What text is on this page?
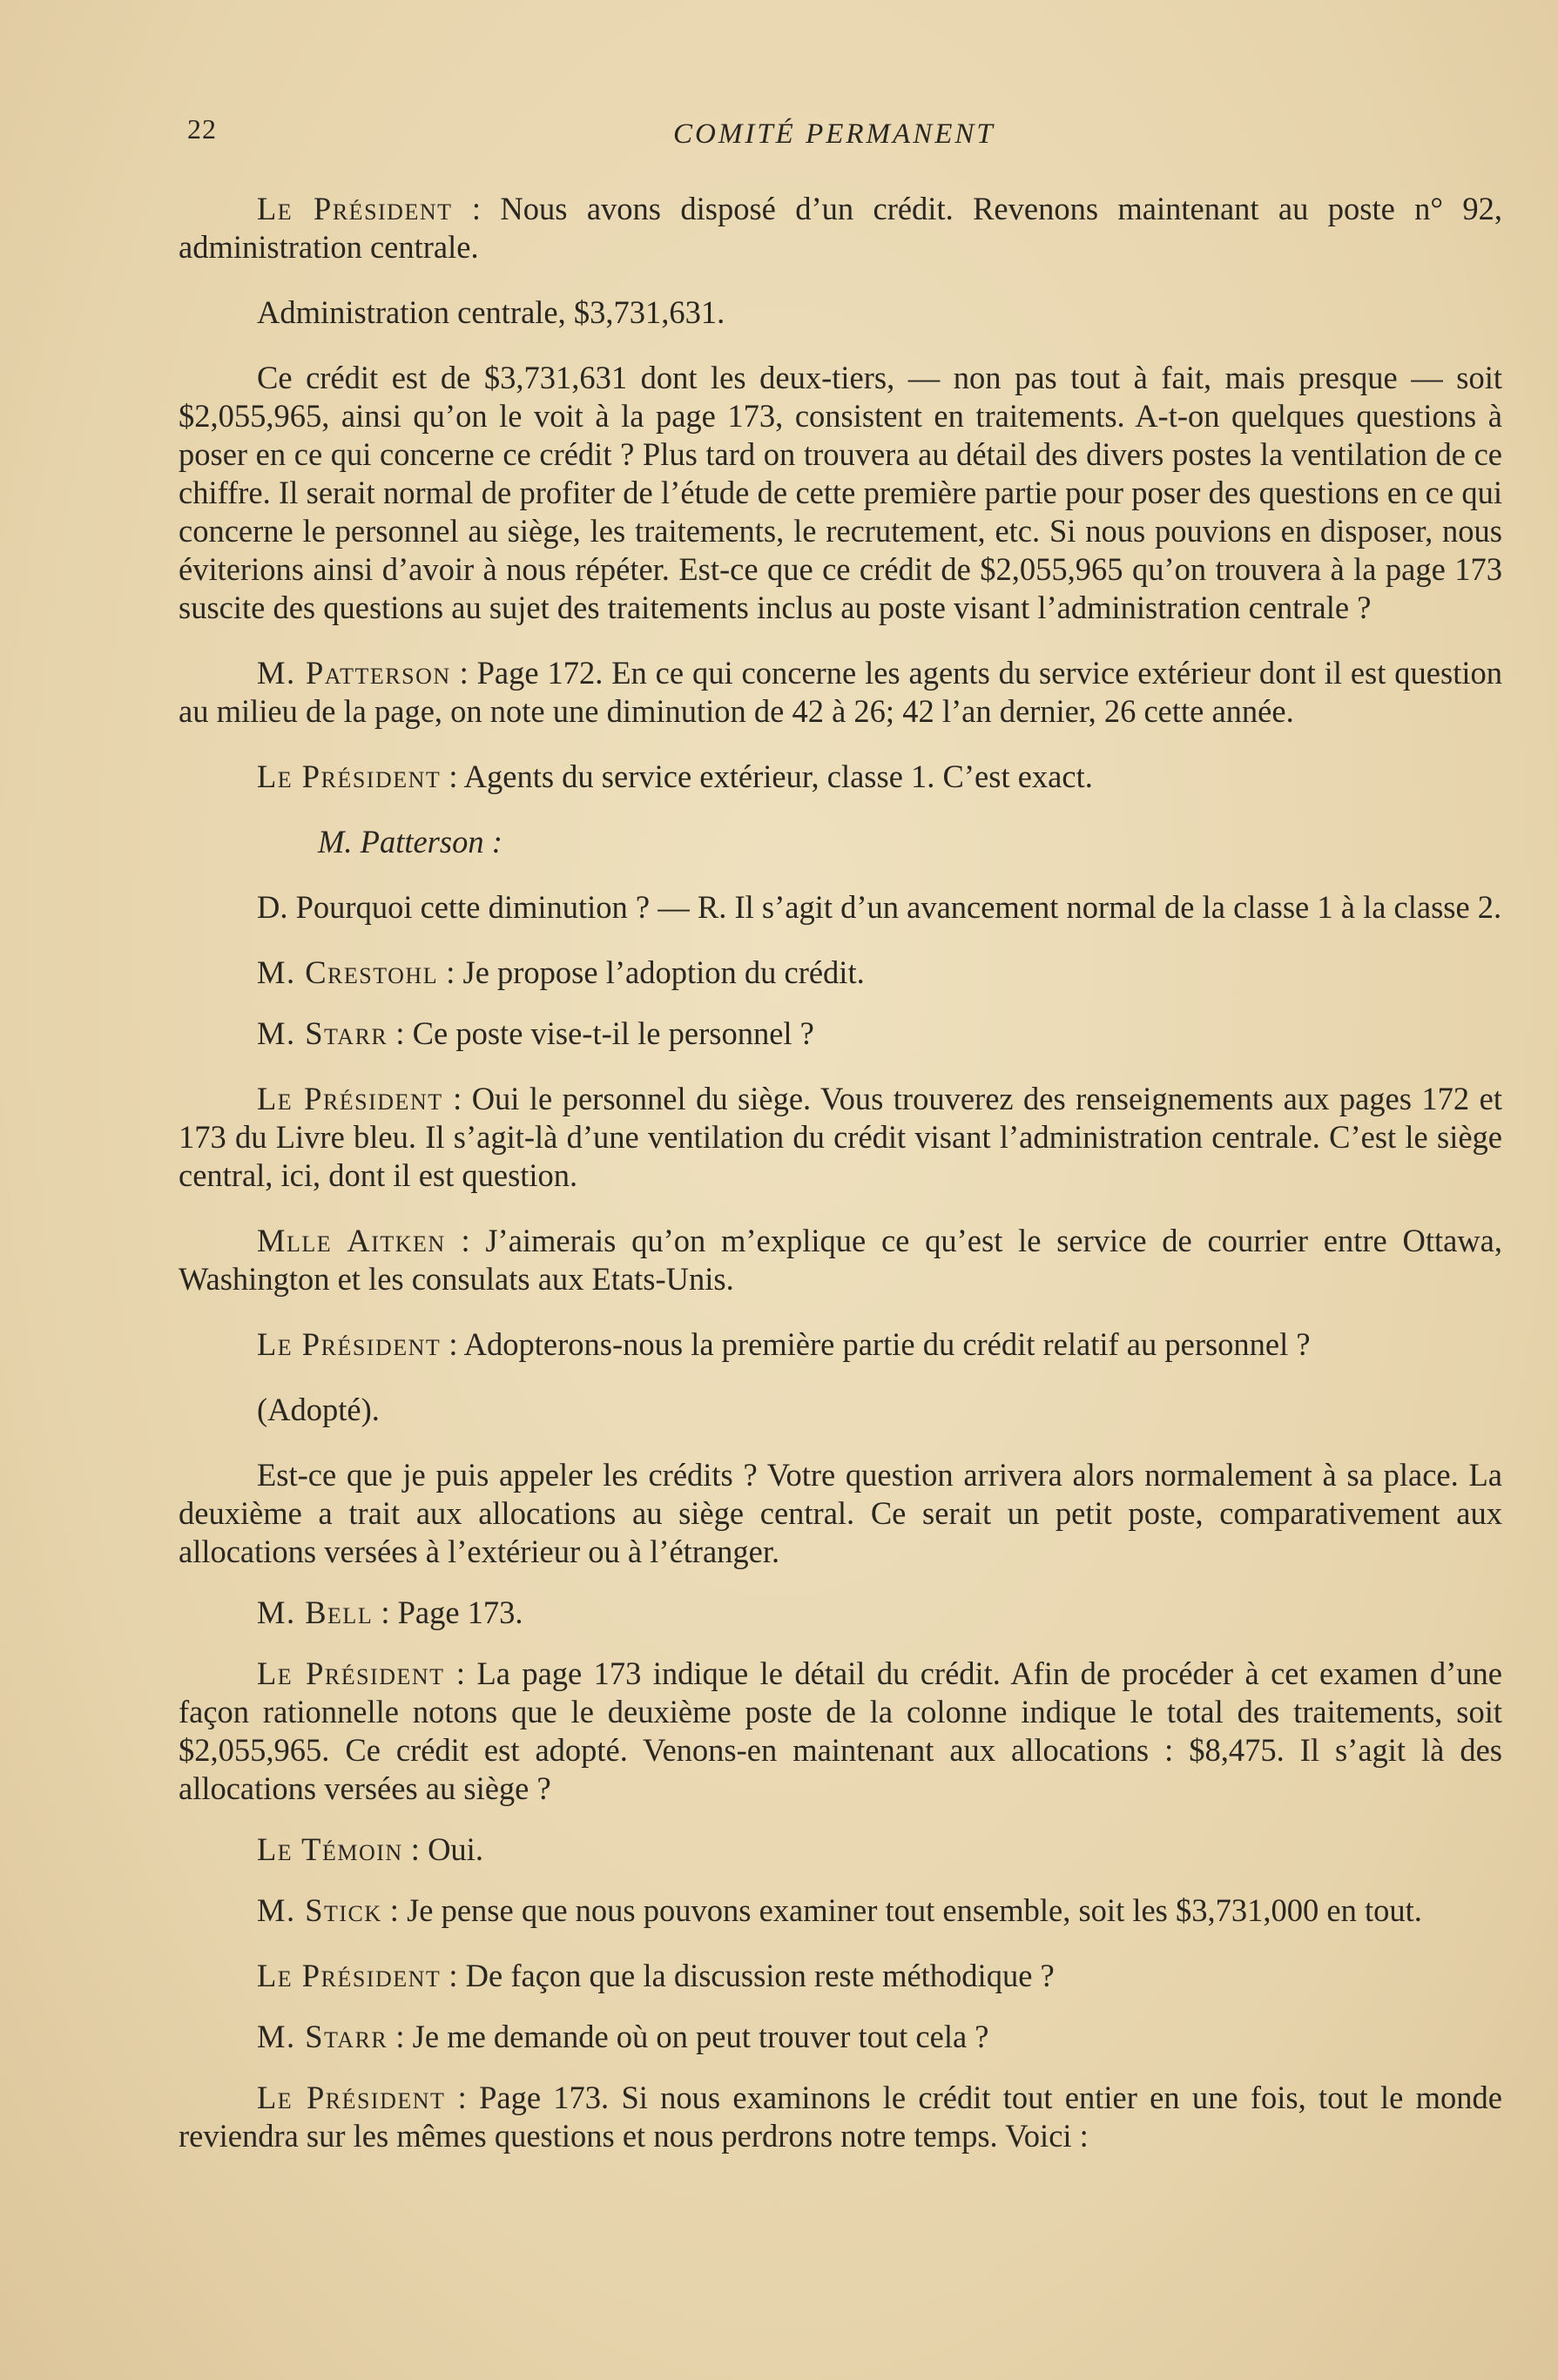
22	COMITÉ PERMANENT

Le Président : Nous avons disposé d’un crédit. Revenons maintenant au poste n° 92, administration centrale.

Administration centrale, $3,731,631.

Ce crédit est de $3,731,631 dont les deux-tiers, — non pas tout à fait, mais presque — soit $2,055,965, ainsi qu’on le voit à la page 173, consistent en traitements. A-t-on quelques questions à poser en ce qui concerne ce crédit ? Plus tard on trouvera au détail des divers postes la ventilation de ce chiffre. Il serait normal de profiter de l’étude de cette première partie pour poser des questions en ce qui concerne le personnel au siège, les traitements, le recrutement, etc. Si nous pouvions en disposer, nous éviterions ainsi d’avoir à nous répéter. Est-ce que ce crédit de $2,055,965 qu’on trouvera à la page 173 suscite des questions au sujet des traitements inclus au poste visant l’administration centrale ?

M. Patterson : Page 172. En ce qui concerne les agents du service extérieur dont il est question au milieu de la page, on note une diminution de 42 à 26; 42 l’an dernier, 26 cette année.

Le Président : Agents du service extérieur, classe 1. C’est exact.

M. Patterson :

D. Pourquoi cette diminution ? — R. Il s’agit d’un avancement normal de la classe 1 à la classe 2.

M. Crestohl : Je propose l’adoption du crédit.

M. Starr : Ce poste vise-t-il le personnel ?

Le Président : Oui le personnel du siège. Vous trouverez des renseignements aux pages 172 et 173 du Livre bleu. Il s’agit-là d’une ventilation du crédit visant l’administration centrale. C’est le siège central, ici, dont il est question.

Mlle Aitken : J’aimerais qu’on m’explique ce qu’est le service de courrier entre Ottawa, Washington et les consulats aux Etats-Unis.

Le Président : Adopterons-nous la première partie du crédit relatif au personnel ?

(Adopté).

Est-ce que je puis appeler les crédits ? Votre question arrivera alors normalement à sa place. La deuxième a trait aux allocations au siège central. Ce serait un petit poste, comparativement aux allocations versées à l’extérieur ou à l’étranger.

M. Bell : Page 173.

Le Président : La page 173 indique le détail du crédit. Afin de procéder à cet examen d’une façon rationnelle notons que le deuxième poste de la colonne indique le total des traitements, soit $2,055,965. Ce crédit est adopté. Venons-en maintenant aux allocations : $8,475. Il s’agit là des allocations versées au siège ?

Le Témoin : Oui.

M. Stick : Je pense que nous pouvons examiner tout ensemble, soit les $3,731,000 en tout.

Le Président : De façon que la discussion reste méthodique ?

M. Starr : Je me demande où on peut trouver tout cela ?

Le Président : Page 173. Si nous examinons le crédit tout entier en une fois, tout le monde reviendra sur les mêmes questions et nous perdrons notre temps. Voici :
